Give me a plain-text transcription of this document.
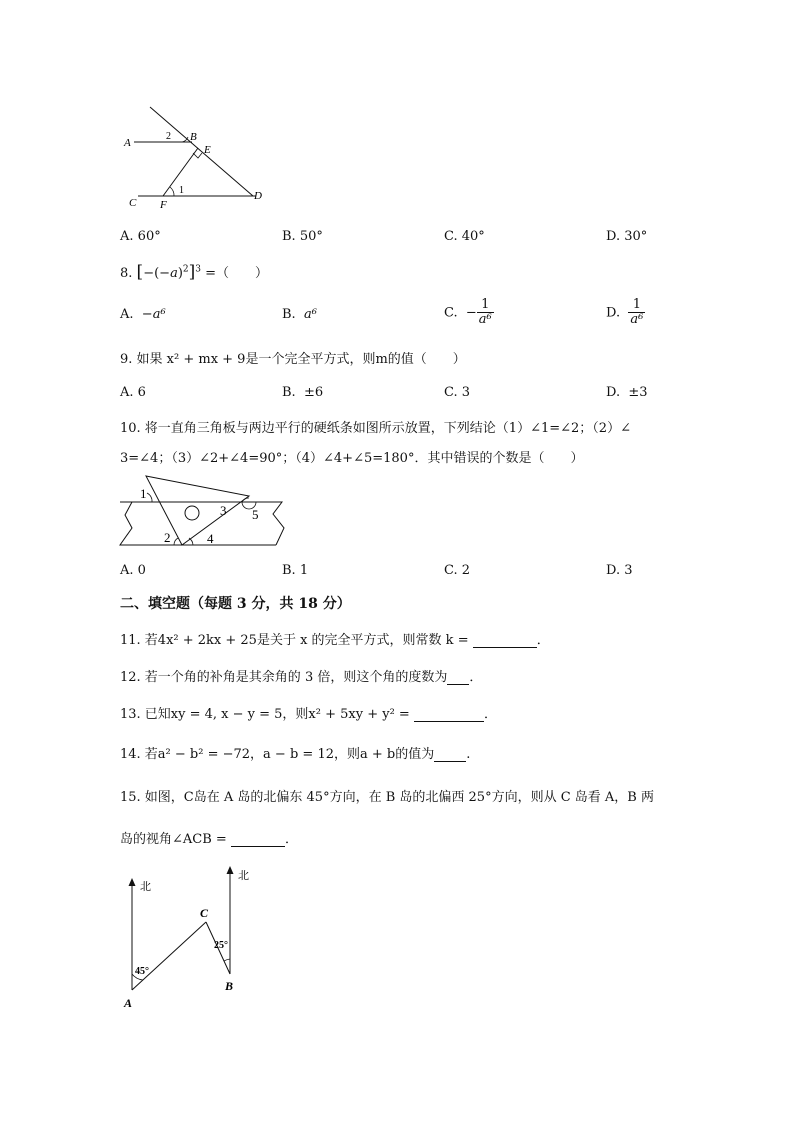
A	B
E
C F
D
1
2
A. 60°	B. 50°	C. 40°	D. 30°
8. $[-(-a)^2]^3$ =（　　）
A. −a⁶	B. a⁶	C. − $\frac{1}{\text{a⁶}}$	D. $\frac{1}{\text{a⁶}}$
9. 如果 x² + mx + 9是一个完全平方式，则m的值（　　）
A. 6	B. ±6	C. 3	D. ±3
10. 将一直角三角板与两边平行的硬纸条如图所示放置，下列结论（1）∠1=∠2；（2）∠
3=∠4；（3）∠2+∠4=90°；（4）∠4+∠5=180°．其中错误的个数是（　　）
1
2
3
4
5
A. 0	B. 1	C. 2	D. 3
二、填空题（每题 3 分，共 18 分）
11. 若4x² + 2kx + 25是关于 x 的完全平方式，则常数 k =	．
12. 若一个角的补角是其余角的 3 倍，则这个角的度数为 ．
13. 已知xy = 4, x − y = 5，则x² + 5xy + y² =	．
14. 若a² − b² = −72，a − b = 12，则a + b的值为 .
15. 如图，C岛在 A 岛的北偏东 45°方向，在 B 岛的北偏西 25°方向，则从 C 岛看 A，B 两
岛的视角∠ACB =	．
北
北
A
B
C
45°
25°
